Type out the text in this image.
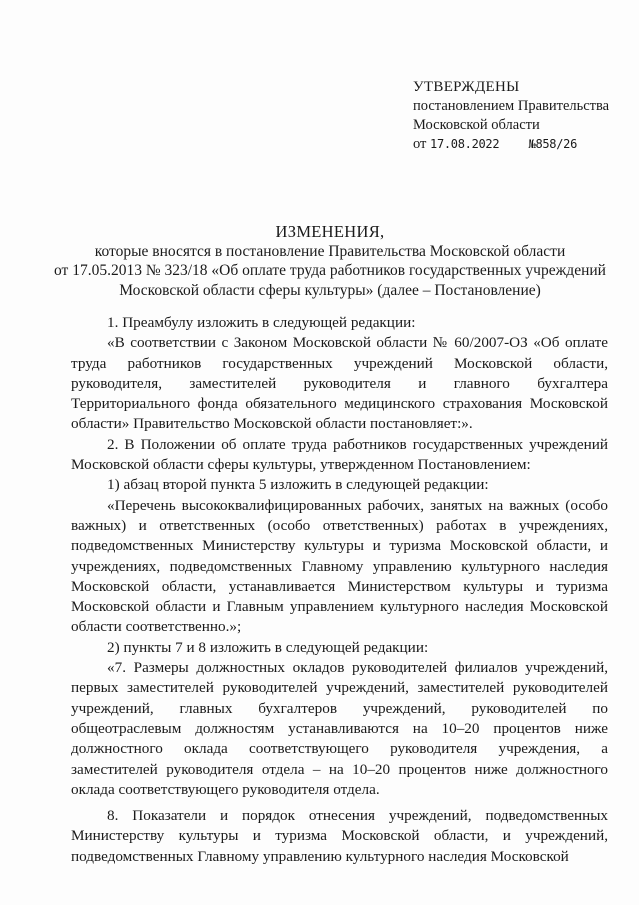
УТВЕРЖДЕНЫ
постановлением Правительства
Московской области
от 17.08.2022 №858/26
ИЗМЕНЕНИЯ,
которые вносятся в постановление Правительства Московской области
от 17.05.2013 № 323/18 «Об оплате труда работников государственных учреждений
Московской области сферы культуры» (далее – Постановление)

1. Преамбулу изложить в следующей редакции:

«В соответствии с Законом Московской области № 60/2007-ОЗ «Об оплате труда работников государственных учреждений Московской области, руководителя, заместителей руководителя и главного бухгалтера Территориального фонда обязательного медицинского страхования Московской области» Правительство Московской области постановляет:».

2. В Положении об оплате труда работников государственных учреждений Московской области сферы культуры, утвержденном Постановлением:

1) абзац второй пункта 5 изложить в следующей редакции:

«Перечень высококвалифицированных рабочих, занятых на важных (особо важных) и ответственных (особо ответственных) работах в учреждениях, подведомственных Министерству культуры и туризма Московской области, и учреждениях, подведомственных Главному управлению культурного наследия Московской области, устанавливается Министерством культуры и туризма Московской области и Главным управлением культурного наследия Московской области соответственно.»;

2) пункты 7 и 8 изложить в следующей редакции:

«7. Размеры должностных окладов руководителей филиалов учреждений, первых заместителей руководителей учреждений, заместителей руководителей учреждений, главных бухгалтеров учреждений, руководителей по общеотраслевым должностям устанавливаются на 10–20 процентов ниже должностного оклада соответствующего руководителя учреждения, а заместителей руководителя отдела – на 10–20 процентов ниже должностного оклада соответствующего руководителя отдела.

8. Показатели и порядок отнесения учреждений, подведомственных Министерству культуры и туризма Московской области, и учреждений, подведомственных Главному управлению культурного наследия Московской
